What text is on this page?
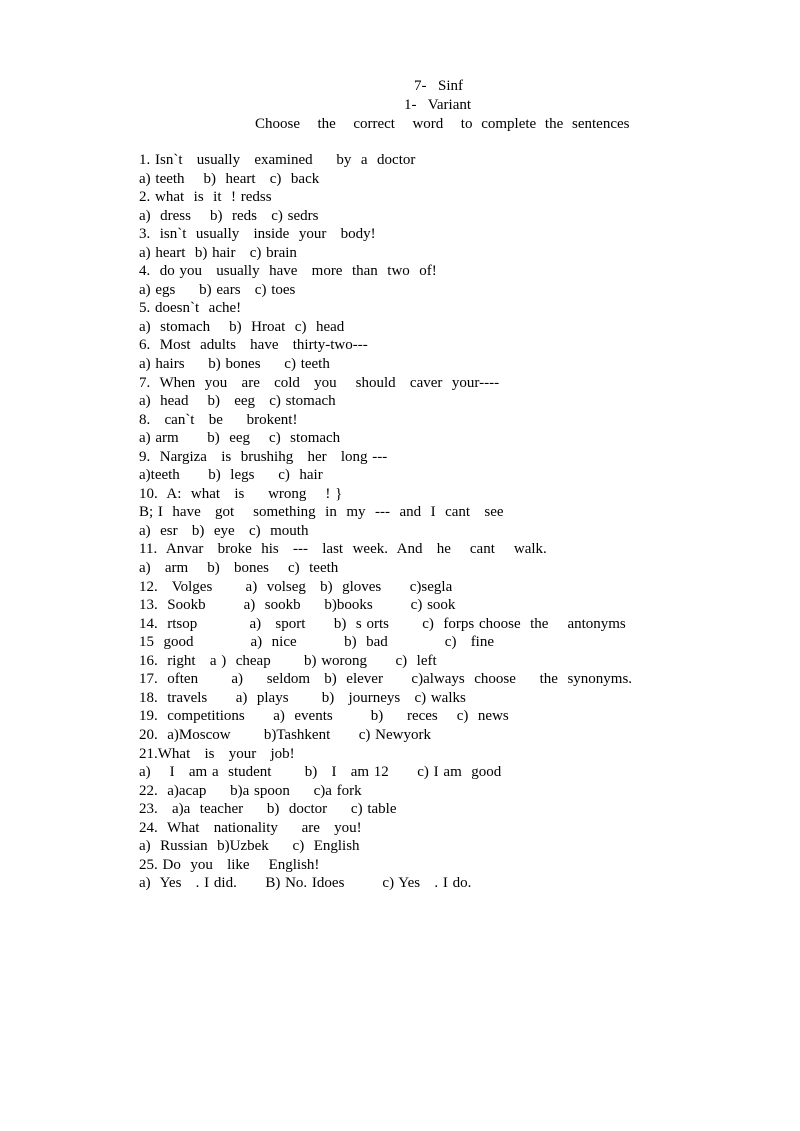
7-  Sinf
1-  Variant
Choose  the  correct  word  to complete the sentences
1. Isn`t   usually   examined     by  a  doctor
a) teeth    b)  heart   c)  back
2. what  is  it  ! redss
a)  dress    b)  reds   c) sedrs
3.  isn`t  usually   inside  your   body!
a) heart  b) hair   c) brain
4.  do you   usually  have   more  than  two  of!
a) egs     b) ears   c) toes
5. doesn`t  ache!
a)  stomach    b)  Hroat  c)  head
6.  Most  adults   have   thirty-two---
a) hairs     b) bones     c) teeth
7.  When  you   are   cold   you    should   caver  your----
a)  head    b)   eeg   c) stomach
8.   can`t   be     brokent!
a) arm      b)  eeg    c)  stomach
9.  Nargiza   is  brushihg   her   long ---
a)teeth      b)  legs     c)  hair
10.  A:  what   is     wrong    ! }
B; I  have   got    something  in  my  ---  and  I  cant   see
a)  esr   b)  eye   c)  mouth
11.  Anvar   broke  his   ---   last  week.  And   he    cant    walk.
a)   arm    b)   bones    c)  teeth
12.   Volges       a)  volseg   b)  gloves      c)segla
13.  Sookb        a)  sookb     b)books        c) sook
14.  rtsop           a)   sport      b)  s orts       c)  forps choose  the    antonyms
15  good            a)  nice          b)  bad            c)   fine
16.  right   a )  cheap       b) worong      c)  left
17.  often       a)     seldom   b)  elever      c)always  choose     the  synonyms.
18.  travels      a)  plays       b)   journeys   c) walks
19.  competitions      a)  events        b)     reces    c)  news
20.  a)Moscow       b)Tashkent      c) Newyork
21.What   is   your   job!
a)    I   am a  student       b)   I   am 12      c) I am  good
22.  a)acap     b)a spoon     c)a fork
23.   a)a  teacher     b)  doctor     c) table
24.  What   nationality     are   you!
a)  Russian  b)Uzbek     c)  English
25. Do  you   like    English!
a)  Yes   . I did.      B) No. Idoes        c) Yes   . I do.
